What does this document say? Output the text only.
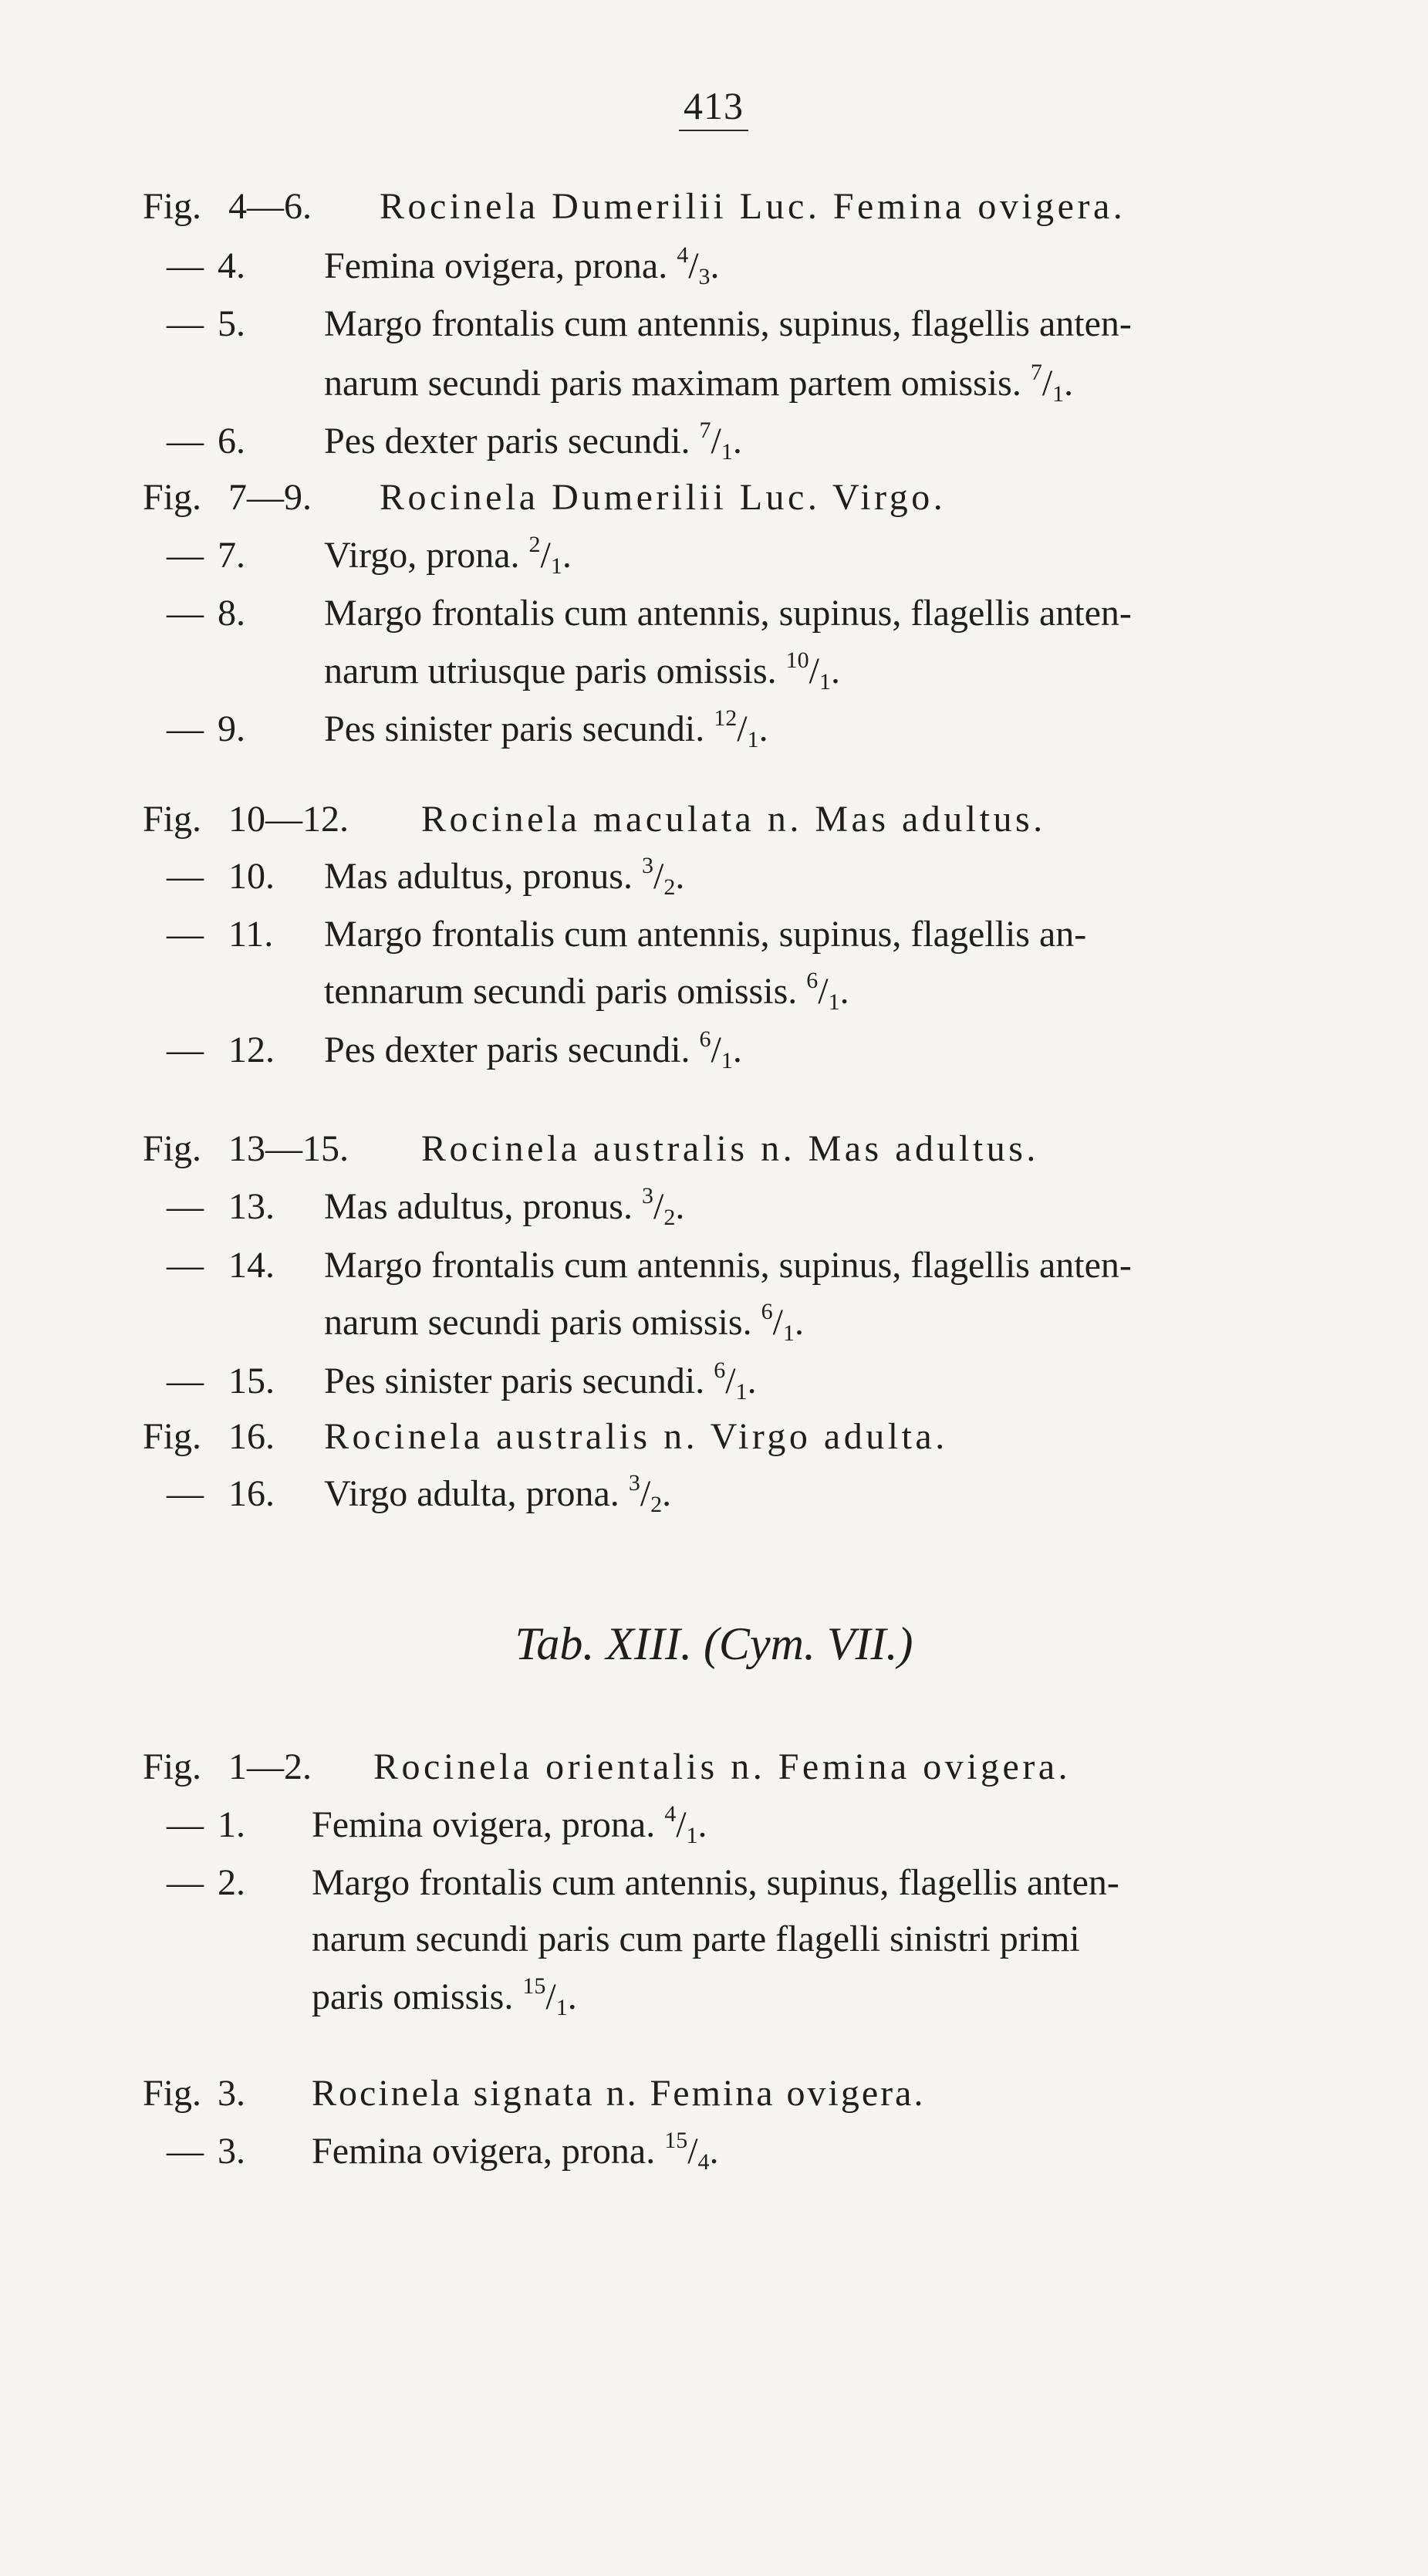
413
Fig. 4—6. Rocinela Dumerilii Luc. Femina ovigera.
— 4. Femina ovigera, prona. $^4/_3$.
— 5. Margo frontalis cum antennis, supinus, flagellis anten-
narum secundi paris maximam partem omissis. $^7/_1$.
— 6. Pes dexter paris secundi. $^7/_1$.
Fig. 7—9. Rocinela Dumerilii Luc. Virgo.
— 7. Virgo, prona. $^2/_1$.
— 8. Margo frontalis cum antennis, supinus, flagellis anten-
narum utriusque paris omissis. $^{10}/_1$.
— 9. Pes sinister paris secundi. $^{12}/_1$.
Fig. 10—12. Rocinela maculata n. Mas adultus.
— 10. Mas adultus, pronus. $^3/_2$.
— 11. Margo frontalis cum antennis, supinus, flagellis an-
tennarum secundi paris omissis. $^6/_1$.
— 12. Pes dexter paris secundi. $^6/_1$.
Fig. 13—15. Rocinela australis n. Mas adultus.
— 13. Mas adultus, pronus. $^3/_2$.
— 14. Margo frontalis cum antennis, supinus, flagellis anten-
narum secundi paris omissis. $^6/_1$.
— 15. Pes sinister paris secundi. $^6/_1$.
Fig. 16. Rocinela australis n. Virgo adulta.
— 16. Virgo adulta, prona. $^3/_2$.
Tab. XIII. (Cym. VII.)
Fig. 1—2. Rocinela orientalis n. Femina ovigera.
— 1. Femina ovigera, prona. $^4/_1$.
— 2. Margo frontalis cum antennis, supinus, flagellis anten-
narum secundi paris cum parte flagelli sinistri primi
paris omissis. $^{15}/_1$.
Fig. 3. Rocinela signata n. Femina ovigera.
— 3. Femina ovigera, prona. $^{15}/_4$.
